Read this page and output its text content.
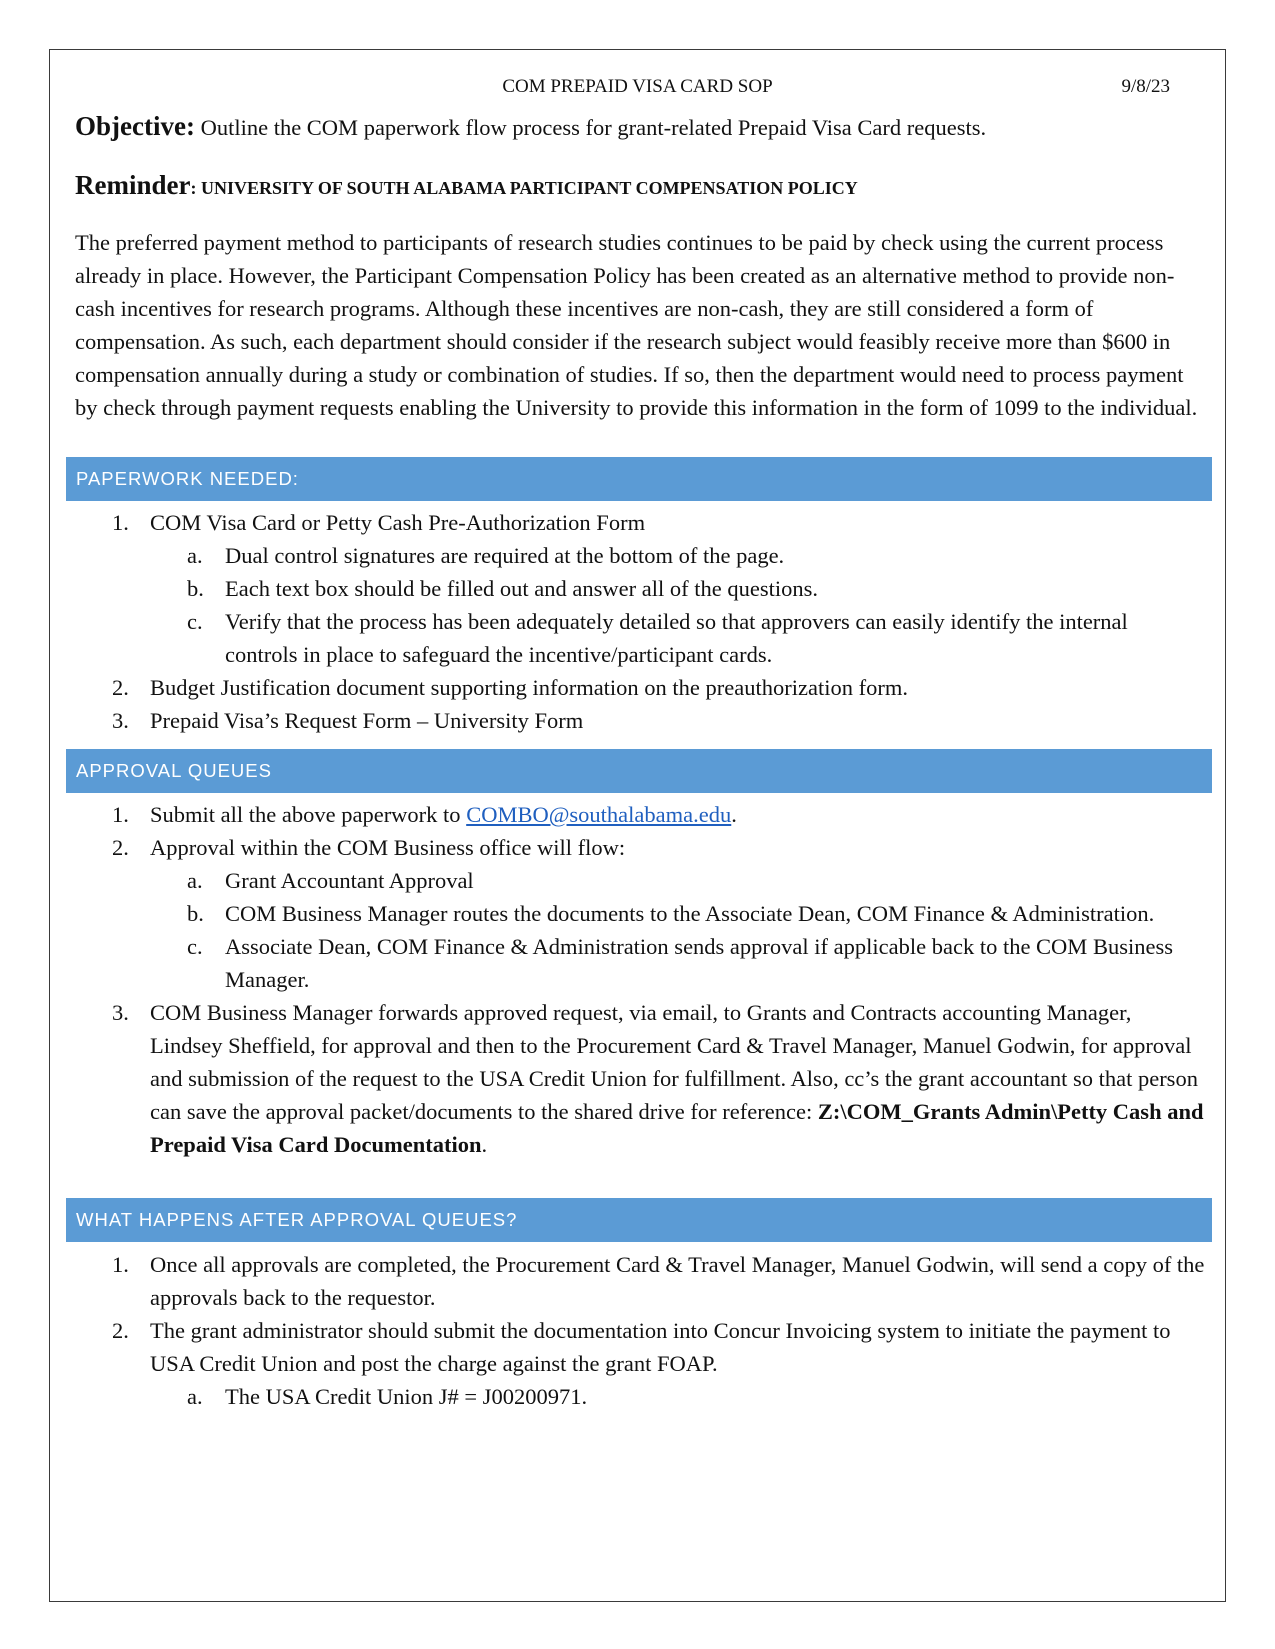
COM PREPAID VISA CARD SOP	9/8/23
Objective: Outline the COM paperwork flow process for grant-related Prepaid Visa Card requests.
Reminder: UNIVERSITY OF SOUTH ALABAMA PARTICIPANT COMPENSATION POLICY

The preferred payment method to participants of research studies continues to be paid by check using the current process already in place. However, the Participant Compensation Policy has been created as an alternative method to provide non-cash incentives for research programs. Although these incentives are non-cash, they are still considered a form of compensation. As such, each department should consider if the research subject would feasibly receive more than $600 in compensation annually during a study or combination of studies. If so, then the department would need to process payment by check through payment requests enabling the University to provide this information in the form of 1099 to the individual.

PAPERWORK NEEDED:
1. COM Visa Card or Petty Cash Pre-Authorization Form
a. Dual control signatures are required at the bottom of the page.
b. Each text box should be filled out and answer all of the questions.
c. Verify that the process has been adequately detailed so that approvers can easily identify the internal controls in place to safeguard the incentive/participant cards.
2. Budget Justification document supporting information on the preauthorization form.
3. Prepaid Visa’s Request Form – University Form
APPROVAL QUEUES
1. Submit all the above paperwork to COMBO@southalabama.edu.
2. Approval within the COM Business office will flow:
a. Grant Accountant Approval
b. COM Business Manager routes the documents to the Associate Dean, COM Finance & Administration.
c. Associate Dean, COM Finance & Administration sends approval if applicable back to the COM Business Manager.
3. COM Business Manager forwards approved request, via email, to Grants and Contracts accounting Manager, Lindsey Sheffield, for approval and then to the Procurement Card & Travel Manager, Manuel Godwin, for approval and submission of the request to the USA Credit Union for fulfillment. Also, cc’s the grant accountant so that person can save the approval packet/documents to the shared drive for reference: Z:\COM_Grants Admin\Petty Cash and Prepaid Visa Card Documentation.
WHAT HAPPENS AFTER APPROVAL QUEUES?
1. Once all approvals are completed, the Procurement Card & Travel Manager, Manuel Godwin, will send a copy of the approvals back to the requestor.
2. The grant administrator should submit the documentation into Concur Invoicing system to initiate the payment to USA Credit Union and post the charge against the grant FOAP.
a. The USA Credit Union J# = J00200971.
